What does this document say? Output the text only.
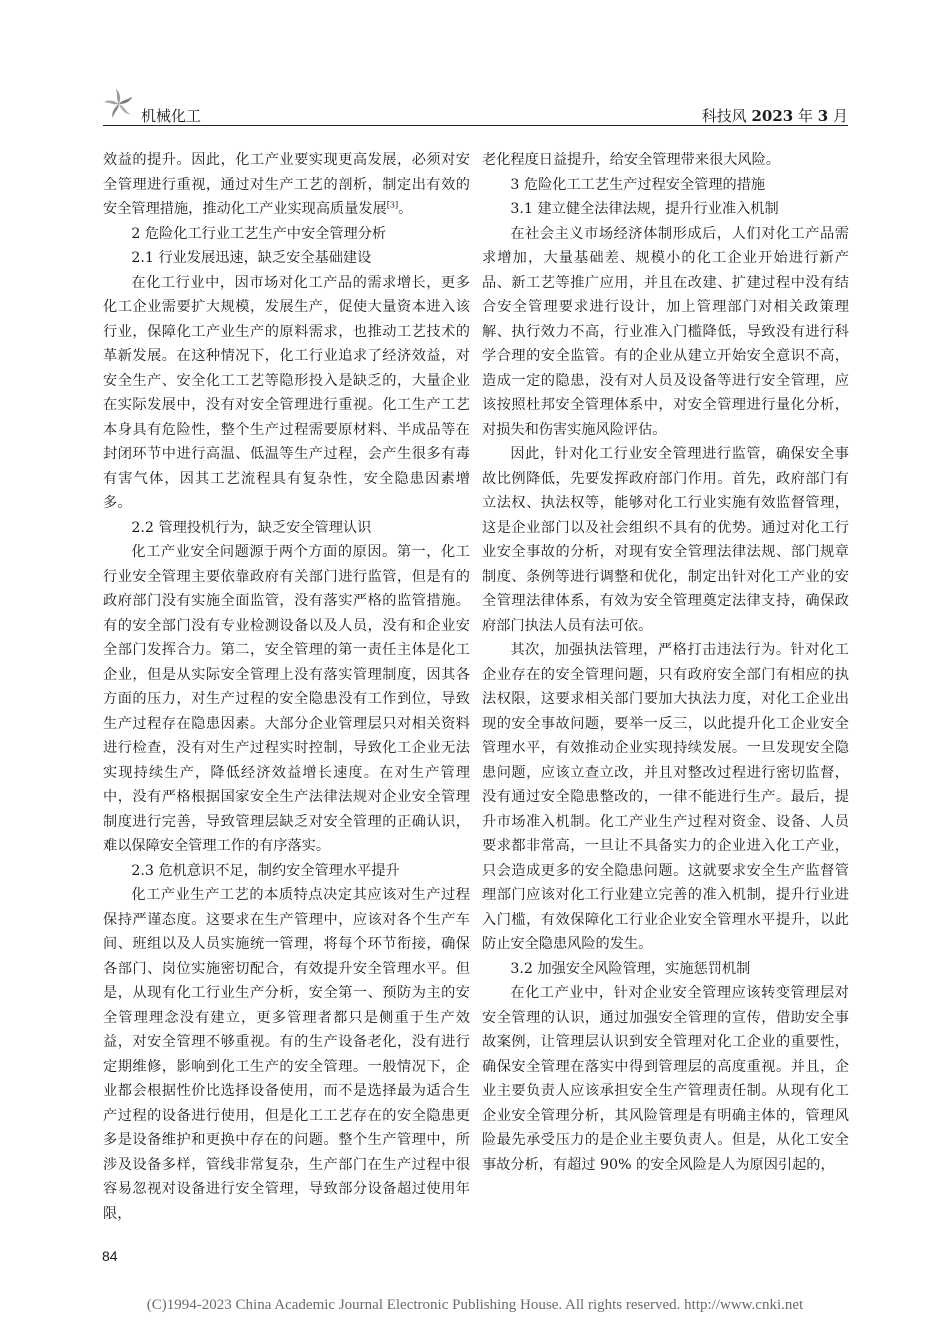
机械化工	科技风 2023 年 3 月

效益的提升。因此，化工产业要实现更高发展，必须对安全管理进行重视，通过对生产工艺的剖析，制定出有效的安全管理措施，推动化工产业实现高质量发展[3]。

2 危险化工行业工艺生产中安全管理分析

2.1 行业发展迅速，缺乏安全基础建设

在化工行业中，因市场对化工产品的需求增长，更多化工企业需要扩大规模，发展生产，促使大量资本进入该行业，保障化工产业生产的原料需求，也推动工艺技术的革新发展。在这种情况下，化工行业追求了经济效益，对安全生产、安全化工工艺等隐形投入是缺乏的，大量企业在实际发展中，没有对安全管理进行重视。化工生产工艺本身具有危险性，整个生产过程需要原材料、半成品等在封闭环节中进行高温、低温等生产过程，会产生很多有毒有害气体，因其工艺流程具有复杂性，安全隐患因素增多。

2.2 管理投机行为，缺乏安全管理认识

化工产业安全问题源于两个方面的原因。第一，化工行业安全管理主要依靠政府有关部门进行监管，但是有的政府部门没有实施全面监管，没有落实严格的监管措施。有的安全部门没有专业检测设备以及人员，没有和企业安全部门发挥合力。第二，安全管理的第一责任主体是化工企业，但是从实际安全管理上没有落实管理制度，因其各方面的压力，对生产过程的安全隐患没有工作到位，导致生产过程存在隐患因素。大部分企业管理层只对相关资料进行检查，没有对生产过程实时控制，导致化工企业无法实现持续生产，降低经济效益增长速度。在对生产管理中，没有严格根据国家安全生产法律法规对企业安全管理制度进行完善，导致管理层缺乏对安全管理的正确认识，难以保障安全管理工作的有序落实。

2.3 危机意识不足，制约安全管理水平提升

化工产业生产工艺的本质特点决定其应该对生产过程保持严谨态度。这要求在生产管理中，应该对各个生产车间、班组以及人员实施统一管理，将每个环节衔接，确保各部门、岗位实施密切配合，有效提升安全管理水平。但是，从现有化工行业生产分析，安全第一、预防为主的安全管理理念没有建立，更多管理者都只是侧重于生产效益，对安全管理不够重视。有的生产设备老化，没有进行定期维修，影响到化工生产的安全管理。一般情况下，企业都会根据性价比选择设备使用，而不是选择最为适合生产过程的设备进行使用，但是化工工艺存在的安全隐患更多是设备维护和更换中存在的问题。整个生产管理中，所涉及设备多样，管线非常复杂，生产部门在生产过程中很容易忽视对设备进行安全管理，导致部分设备超过使用年限，

老化程度日益提升，给安全管理带来很大风险。

3 危险化工工艺生产过程安全管理的措施

3.1 建立健全法律法规，提升行业准入机制

在社会主义市场经济体制形成后，人们对化工产品需求增加，大量基础差、规模小的化工企业开始进行新产品、新工艺等推广应用，并且在改建、扩建过程中没有结合安全管理要求进行设计，加上管理部门对相关政策理解、执行效力不高，行业准入门槛降低，导致没有进行科学合理的安全监管。有的企业从建立开始安全意识不高，造成一定的隐患，没有对人员及设备等进行安全管理，应该按照杜邦安全管理体系中，对安全管理进行量化分析，对损失和伤害实施风险评估。

因此，针对化工行业安全管理进行监管，确保安全事故比例降低，先要发挥政府部门作用。首先，政府部门有立法权、执法权等，能够对化工行业实施有效监督管理，这是企业部门以及社会组织不具有的优势。通过对化工行业安全事故的分析，对现有安全管理法律法规、部门规章制度、条例等进行调整和优化，制定出针对化工产业的安全管理法律体系，有效为安全管理奠定法律支持，确保政府部门执法人员有法可依。

其次，加强执法管理，严格打击违法行为。针对化工企业存在的安全管理问题，只有政府安全部门有相应的执法权限，这要求相关部门要加大执法力度，对化工企业出现的安全事故问题，要举一反三，以此提升化工企业安全管理水平，有效推动企业实现持续发展。一旦发现安全隐患问题，应该立查立改，并且对整改过程进行密切监督，没有通过安全隐患整改的，一律不能进行生产。最后，提升市场准入机制。化工产业生产过程对资金、设备、人员要求都非常高，一旦让不具备实力的企业进入化工产业，只会造成更多的安全隐患问题。这就要求安全生产监督管理部门应该对化工行业建立完善的准入机制，提升行业进入门槛，有效保障化工行业企业安全管理水平提升，以此防止安全隐患风险的发生。

3.2 加强安全风险管理，实施惩罚机制

在化工产业中，针对企业安全管理应该转变管理层对安全管理的认识，通过加强安全管理的宣传，借助安全事故案例，让管理层认识到安全管理对化工企业的重要性，确保安全管理在落实中得到管理层的高度重视。并且，企业主要负责人应该承担安全生产管理责任制。从现有化工企业安全管理分析，其风险管理是有明确主体的，管理风险最先承受压力的是企业主要负责人。但是，从化工安全事故分析，有超过 90% 的安全风险是人为原因引起的，

84
(C)1994-2023 China Academic Journal Electronic Publishing House. All rights reserved. http://www.cnki.net
